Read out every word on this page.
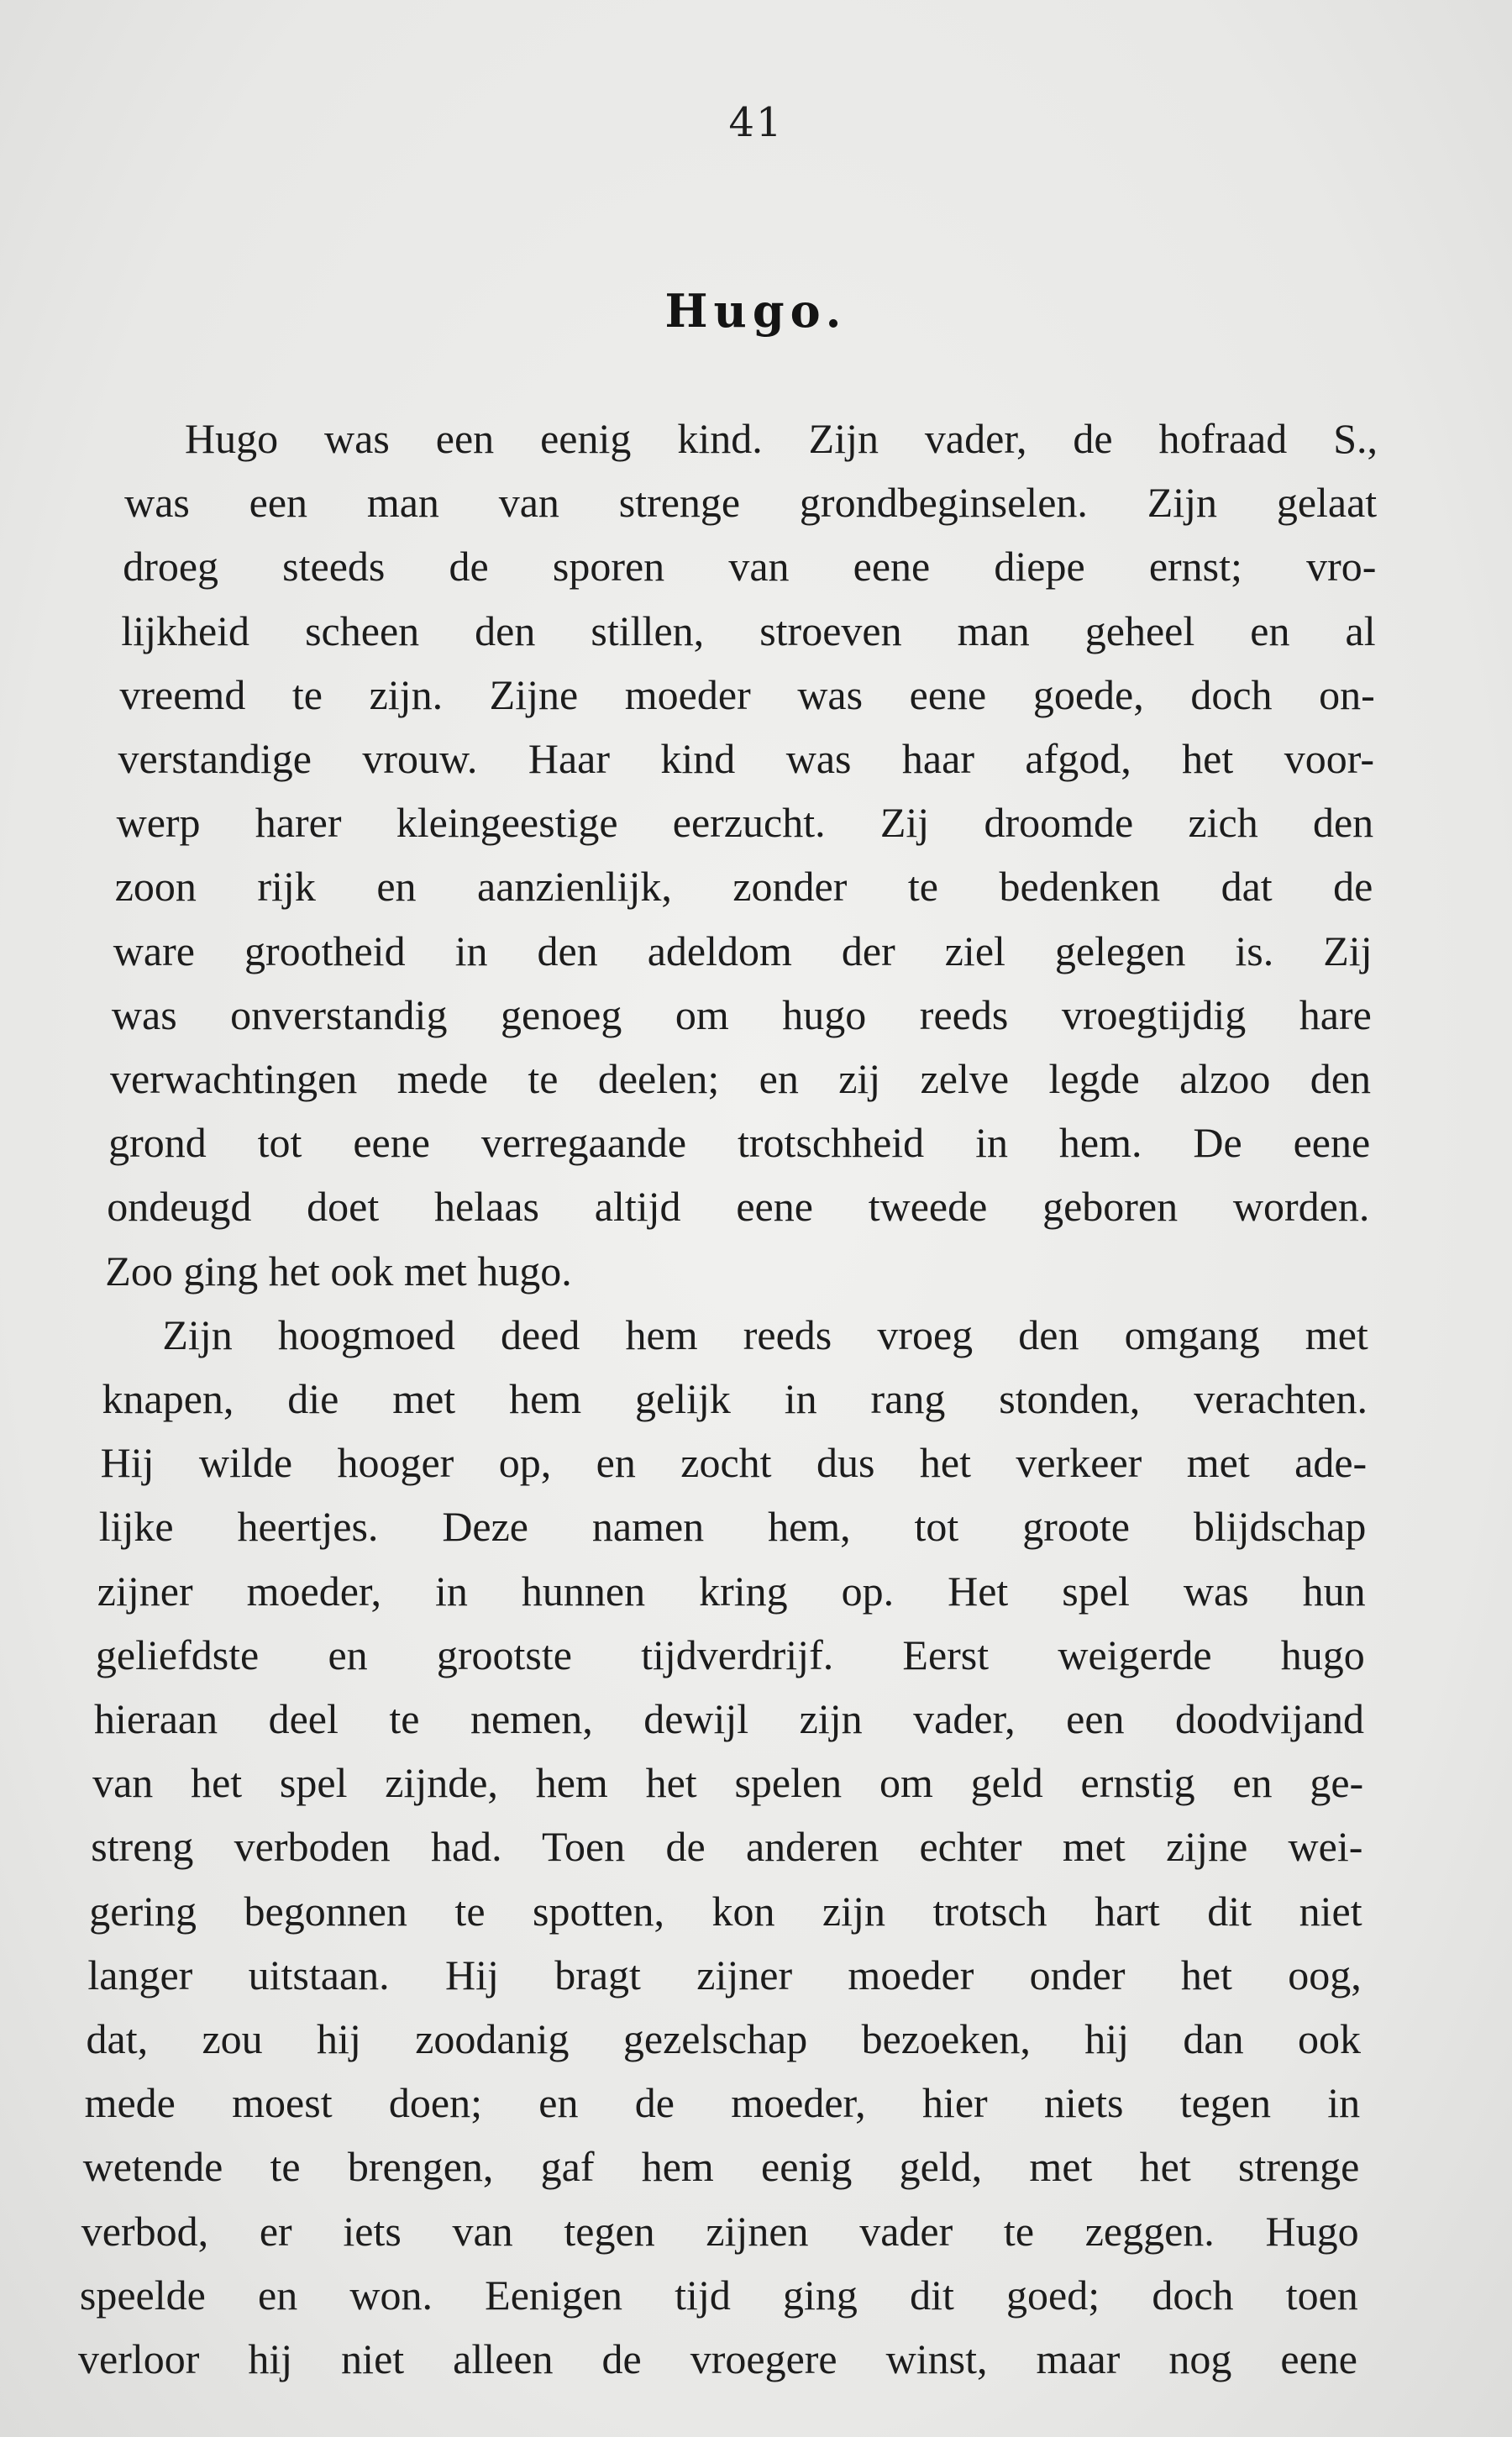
41
Hugo.
Hugo was een eenig kind. Zijn vader, de hofraad S.,
was een man van strenge grondbeginselen. Zijn gelaat
droeg steeds de sporen van eene diepe ernst; vro-
lijkheid scheen den stillen, stroeven man geheel en al
vreemd te zijn. Zijne moeder was eene goede, doch on-
verstandige vrouw. Haar kind was haar afgod, het voor-
werp harer kleingeestige eerzucht. Zij droomde zich den
zoon rijk en aanzienlijk, zonder te bedenken dat de
ware grootheid in den adeldom der ziel gelegen is. Zij
was onverstandig genoeg om hugo reeds vroegtijdig hare
verwachtingen mede te deelen; en zij zelve legde alzoo den
grond tot eene verregaande trotschheid in hem. De eene
ondeugd doet helaas altijd eene tweede geboren worden.
Zoo ging het ook met hugo.
Zijn hoogmoed deed hem reeds vroeg den omgang met
knapen, die met hem gelijk in rang stonden, verachten.
Hij wilde hooger op, en zocht dus het verkeer met ade-
lijke heertjes. Deze namen hem, tot groote blijdschap
zijner moeder, in hunnen kring op. Het spel was hun
geliefdste en grootste tijdverdrijf. Eerst weigerde hugo
hieraan deel te nemen, dewijl zijn vader, een doodvijand
van het spel zijnde, hem het spelen om geld ernstig en ge-
streng verboden had. Toen de anderen echter met zijne wei-
gering begonnen te spotten, kon zijn trotsch hart dit niet
langer uitstaan. Hij bragt zijner moeder onder het oog,
dat, zou hij zoodanig gezelschap bezoeken, hij dan ook
mede moest doen; en de moeder, hier niets tegen in
wetende te brengen, gaf hem eenig geld, met het strenge
verbod, er iets van tegen zijnen vader te zeggen. Hugo
speelde en won. Eenigen tijd ging dit goed; doch toen
verloor hij niet alleen de vroegere winst, maar nog eene
